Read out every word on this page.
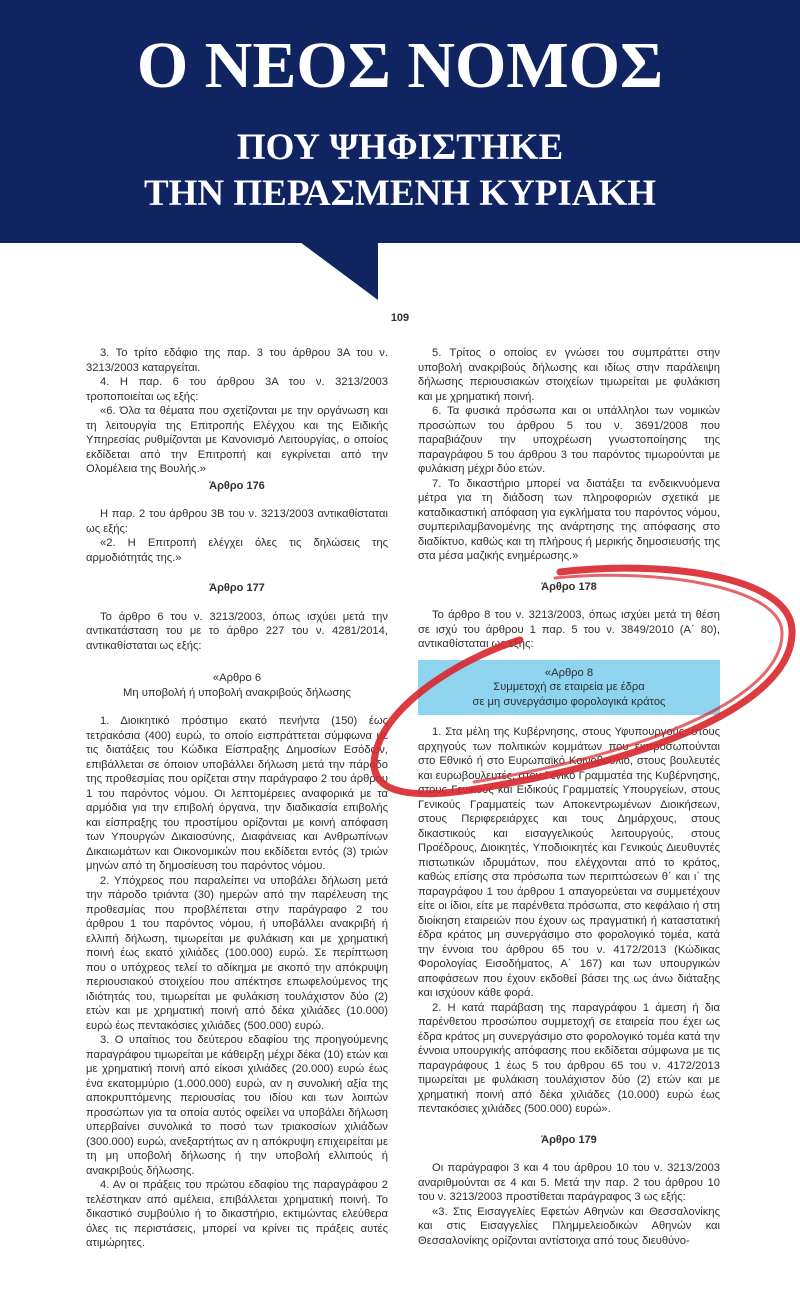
Ο ΝΕΟΣ ΝΟΜΟΣ
ΠΟΥ ΨΗΦΙΣΤΗΚΕ
ΤΗΝ ΠΕΡΑΣΜΕΝΗ ΚΥΡΙΑΚΗ
109

3. Το τρίτο εδάφιο της παρ. 3 του άρθρου 3Α του ν. 3213/2003 καταργείται.

4. Η παρ. 6 του άρθρου 3Α του ν. 3213/2003 τροποποιείται ως εξής:

«6. Όλα τα θέματα που σχετίζονται με την οργάνωση και τη λειτουργία της Επιτροπής Ελέγχου και της Ειδικής Υπηρεσίας ρυθμίζονται με Κανονισμό Λειτουργίας, ο οποίος εκδίδεται από την Επιτροπή και εγκρίνεται από την Ολομέλεια της Βουλής.»

Άρθρο 176

Η παρ. 2 του άρθρου 3Β του ν. 3213/2003 αντικαθίσταται ως εξής:

«2. Η Επιτροπή ελέγχει όλες τις δηλώσεις της αρμοδιότητάς της.»

Άρθρο 177

Το άρθρο 6 του ν. 3213/2003, όπως ισχύει μετά την αντικατάσταση του με το άρθρο 227 του ν. 4281/2014, αντικαθίσταται ως εξής:

«Αρθρο 6

Μη υποβολή ή υποβολή ανακριβούς δήλωσης

1. Διοικητικό πρόστιμο εκατό πενήντα (150) έως τετρακόσια (400) ευρώ, το οποίο εισπράττεται σύμφωνα με τις διατάξεις του Κώδικα Είσπραξης Δημοσίων Εσόδων, επιβάλλεται σε όποιον υποβάλλει δήλωση μετά την πάροδο της προθεσμίας που ορίζεται στην παράγραφο 2 του άρθρου 1 του παρόντος νόμου. Οι λεπτομέρειες αναφορικά με τα αρμόδια για την επιβολή όργανα, την διαδικασία επιβολής και είσπραξης του προστίμου ορίζονται με κοινή απόφαση των Υπουργών Δικαιοσύνης, Διαφάνειας και Ανθρωπίνων Δικαιωμάτων και Οικονομικών που εκδίδεται εντός (3) τριών μηνών από τη δημοσίευση του παρόντος νόμου.

2. Υπόχρεος που παραλείπει να υποβάλει δήλωση μετά την πάροδο τριάντα (30) ημερών από την παρέλευση της προθεσμίας που προβλέπεται στην παράγραφο 2 του άρθρου 1 του παρόντος νόμου, ή υποβάλλει ανακριβή ή ελλιπή δήλωση, τιμωρείται με φυλάκιση και με χρηματική ποινή έως εκατό χιλιάδες (100.000) ευρώ. Σε περίπτωση που ο υπόχρεος τελεί το αδίκημα με σκοπό την απόκρυψη περιουσιακού στοιχείου που απέκτησε επωφελούμενος της ιδιότητάς του, τιμωρείται με φυλάκιση τουλάχιστον δύο (2) ετών και με χρηματική ποινή από δέκα χιλιάδες (10.000) ευρώ έως πεντακόσιες χιλιάδες (500.000) ευρώ.

3. Ο υπαίτιος του δεύτερου εδαφίου της προηγούμενης παραγράφου τιμωρείται με κάθειρξη μέχρι δέκα (10) ετών και με χρηματική ποινή από είκοσι χιλιάδες (20.000) ευρώ έως ένα εκατομμύριο (1.000.000) ευρώ, αν η συνολική αξία της αποκρυπτόμενης περιουσίας του ιδίου και των λοιπών προσώπων για τα οποία αυτός οφείλει να υποβάλει δήλωση υπερβαίνει συνολικά το ποσό των τριακοσίων χιλιάδων (300.000) ευρώ, ανεξαρτήτως αν η απόκρυψη επιχειρείται με τη μη υποβολή δήλωσης ή την υποβολή ελλιπούς ή ανακριβούς δήλωσης.

4. Αν οι πράξεις του πρώτου εδαφίου της παραγράφου 2 τελέστηκαν από αμέλεια, επιβάλλεται χρηματική ποινή. Το δικαστικό συμβούλιο ή το δικαστήριο, εκτιμώντας ελεύθερα όλες τις περιστάσεις, μπορεί να κρίνει τις πράξεις αυτές ατιμώρητες.

5. Τρίτος ο οποίος εν γνώσει του συμπράττει στην υποβολή ανακριβούς δήλωσης και ιδίως στην παράλειψη δήλωσης περιουσιακών στοιχείων τιμωρείται με φυλάκιση και με χρηματική ποινή.

6. Τα φυσικά πρόσωπα και οι υπάλληλοι των νομικών προσώπων του άρθρου 5 του ν. 3691/2008 που παραβιάζουν την υποχρέωση γνωστοποίησης της παραγράφου 5 του άρθρου 3 του παρόντος τιμωρούνται με φυλάκιση μέχρι δύο ετών.

7. Το δικαστήριο μπορεί να διατάξει τα ενδεικνυόμενα μέτρα για τη διάδοση των πληροφοριών σχετικά με καταδικαστική απόφαση για εγκλήματα του παρόντος νόμου, συμπεριλαμβανομένης της ανάρτησης της απόφασης στο διαδίκτυο, καθώς και τη πλήρους ή μερικής δημοσιευσής της στα μέσα μαζικής ενημέρωσης.»

Άρθρο 178

Το άρθρο 8 του ν. 3213/2003, όπως ισχύει μετά τη θέση σε ισχύ του άρθρου 1 παρ. 5 του ν. 3849/2010 (Α΄ 80), αντικαθίσταται ως εξής:

«Αρθρο 8

Συμμετοχή σε εταιρεία με έδρα

σε μη συνεργάσιμο φορολογικά κράτος

1. Στα μέλη της Κυβέρνησης, στους Υφυπουργούς, στους αρχηγούς των πολιτικών κομμάτων που εκπροσωπούνται στο Εθνικό ή στο Ευρωπαϊκό Κοινοβούλιο, στους βουλευτές και ευρωβουλευτές, στον Γενικό Γραμματέα της Κυβέρνησης, στους Γενικούς και Ειδικούς Γραμματείς Υπουργείων, στους Γενικούς Γραμματείς των Αποκεντρωμένων Διοικήσεων, στους Περιφερειάρχες και τους Δημάρχους, στους δικαστικούς και εισαγγελικούς λειτουργούς, στους Προέδρους, Διοικητές, Υποδιοικητές και Γενικούς Διευθυντές πιστωτικών ιδρυμάτων, που ελέγχονται από το κράτος, καθώς επίσης στα πρόσωπα των περιπτώσεων θ΄ και ι΄ της παραγράφου 1 του άρθρου 1 απαγορεύεται να συμμετέχουν είτε οι ίδιοι, είτε με παρένθετα πρόσωπα, στο κεφάλαιο ή στη διοίκηση εταιρειών που έχουν ως πραγματική ή καταστατική έδρα κράτος μη συνεργάσιμο στο φορολογικό τομέα, κατά την έννοια του άρθρου 65 του ν. 4172/2013 (Κώδικας Φορολογίας Εισοδήματος, Α΄ 167) και των υπουργικών αποφάσεων που έχουν εκδοθεί βάσει της ως άνω διάταξης και ισχύουν κάθε φορά.

2. Η κατά παράβαση της παραγράφου 1 άμεση ή δια παρένθετου προσώπου συμμετοχή σε εταιρεία που έχει ως έδρα κράτος μη συνεργάσιμο στο φορολογικό τομέα κατά την έννοια υπουργικής απόφασης που εκδίδεται σύμφωνα με τις παραγράφους 1 έως 5 του άρθρου 65 του ν. 4172/2013 τιμωρείται με φυλάκιση τουλάχιστον δύο (2) ετών και με χρηματική ποινή από δέκα χιλιάδες (10.000) ευρώ έως πεντακόσιες χιλιάδες (500.000) ευρώ».

Άρθρο 179

Οι παράγραφοι 3 και 4 του άρθρου 10 του ν. 3213/2003 αναριθμούνται σε 4 και 5. Μετά την παρ. 2 του άρθρου 10 του ν. 3213/2003 προστίθεται παράγραφος 3 ως εξής:

«3. Στις Εισαγγελίες Εφετών Αθηνών και Θεσσαλονίκης και στις Εισαγγελίες Πλημμελειοδικών Αθηνών και Θεσσαλονίκης ορίζονται αντίστοιχα από τους διευθύνο-
